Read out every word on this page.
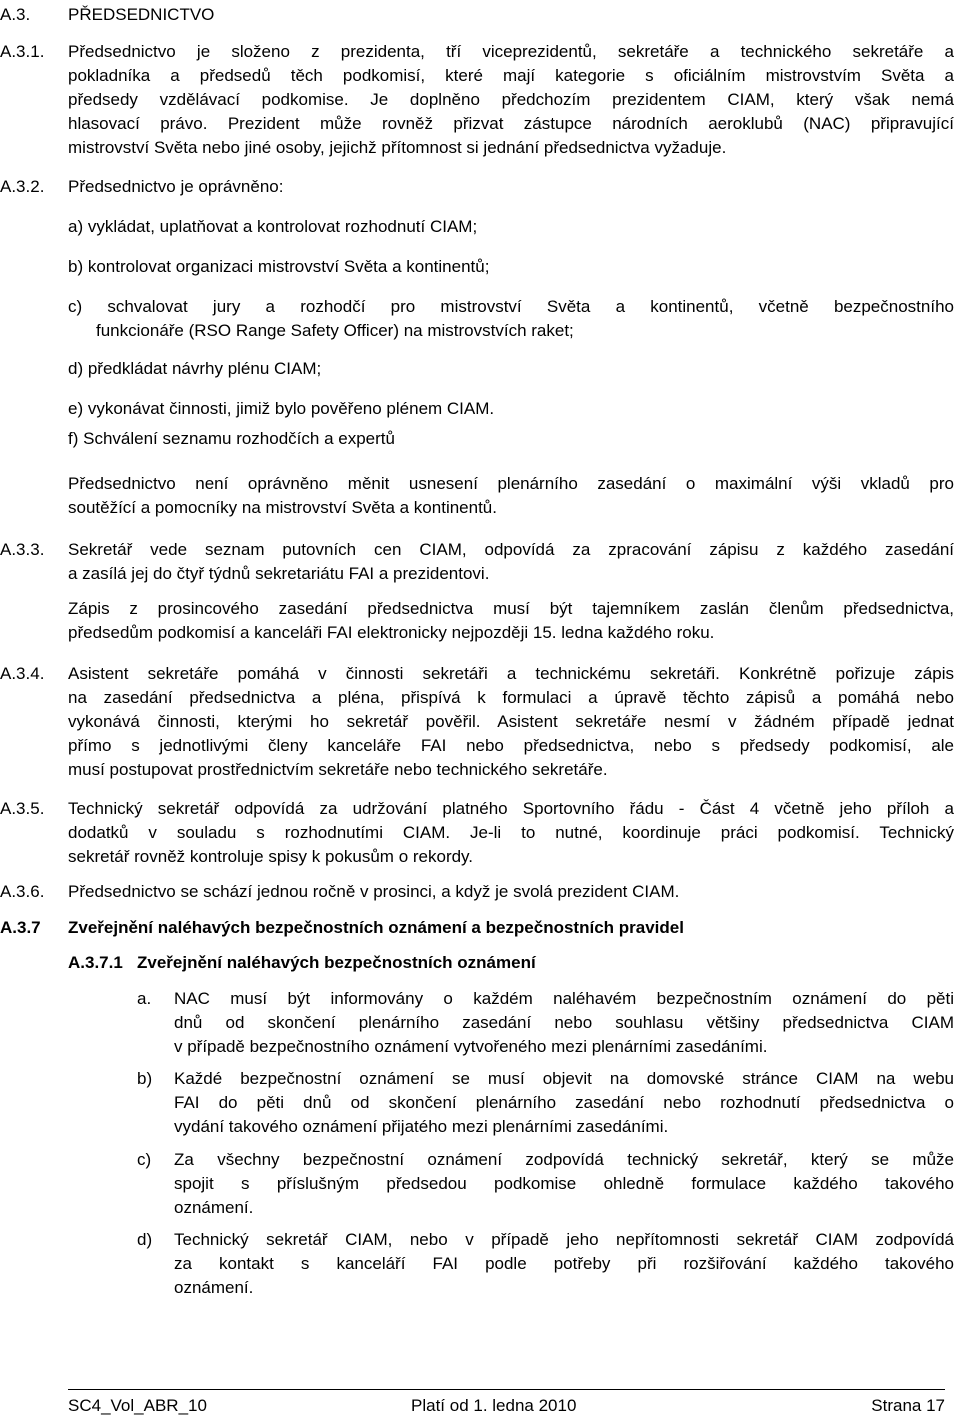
A.3. PŘEDSEDNICTVO
A.3.1. Předsednictvo je složeno z prezidenta, tří viceprezidentů, sekretáře a technického sekretáře a
pokladníka a předsedů těch podkomisí, které mají kategorie s oficiálním mistrovstvím Světa a
předsedy vzdělávací podkomise. Je doplněno předchozím prezidentem CIAM, který však nemá
hlasovací právo. Prezident může rovněž přizvat zástupce národních aeroklubů (NAC) připravující
mistrovství Světa nebo jiné osoby, jejichž přítomnost si jednání předsednictva vyžaduje.
A.3.2. Předsednictvo je oprávněno:
a) vykládat, uplatňovat a kontrolovat rozhodnutí CIAM;
b) kontrolovat organizaci mistrovství Světa a kontinentů;
c) schvalovat jury a rozhodčí pro mistrovství Světa a kontinentů, včetně bezpečnostního
funkcionáře (RSO Range Safety Officer) na mistrovstvích raket;
d) předkládat návrhy plénu CIAM;
e) vykonávat činnosti, jimiž bylo pověřeno plénem CIAM.
f) Schválení seznamu rozhodčích a expertů
Předsednictvo není oprávněno měnit usnesení plenárního zasedání o maximální výši vkladů pro
soutěžící a pomocníky na mistrovství Světa a kontinentů.
A.3.3. Sekretář vede seznam putovních cen CIAM, odpovídá za zpracování zápisu z každého zasedání
a zasílá jej do čtyř týdnů sekretariátu FAI a prezidentovi.
Zápis z prosincového zasedání předsednictva musí být tajemníkem zaslán členům předsednictva,
předsedům podkomisí a kanceláři FAI elektronicky nejpozději 15. ledna každého roku.
A.3.4. Asistent sekretáře pomáhá v činnosti sekretáři a technickému sekretáři. Konkrétně pořizuje zápis
na zasedání předsednictva a pléna, přispívá k formulaci a úpravě těchto zápisů a pomáhá nebo
vykonává činnosti, kterými ho sekretář pověřil. Asistent sekretáře nesmí v žádném případě jednat
přímo s jednotlivými členy kanceláře FAI nebo předsednictva, nebo s předsedy podkomisí, ale
musí postupovat prostřednictvím sekretáře nebo technického sekretáře.
A.3.5. Technický sekretář odpovídá za udržování platného Sportovního řádu - Část 4 včetně jeho příloh a
dodatků v souladu s rozhodnutími CIAM. Je-li to nutné, koordinuje práci podkomisí. Technický
sekretář rovněž kontroluje spisy k pokusům o rekordy.
A.3.6. Předsednictvo se schází jednou ročně v prosinci, a když je svolá prezident CIAM.
A.3.7 Zveřejnění naléhavých bezpečnostních oznámení a bezpečnostních pravidel
A.3.7.1 Zveřejnění naléhavých bezpečnostních oznámení
a. NAC musí být informovány o každém naléhavém bezpečnostním oznámení do pěti
dnů od skončení plenárního zasedání nebo souhlasu většiny předsednictva CIAM
v případě bezpečnostního oznámení vytvořeného mezi plenárními zasedáními.
b) Každé bezpečnostní oznámení se musí objevit na domovské stránce CIAM na webu
FAI do pěti dnů od skončení plenárního zasedání nebo rozhodnutí předsednictva o
vydání takového oznámení přijatého mezi plenárními zasedáními.
c) Za všechny bezpečnostní oznámení zodpovídá technický sekretář, který se může
spojit s příslušným předsedou podkomise ohledně formulace každého takového
oznámení.
d) Technický sekretář CIAM, nebo v případě jeho nepřítomnosti sekretář CIAM zodpovídá
za kontakt s kanceláří FAI podle potřeby při rozšiřování každého takového
oznámení.
SC4_Vol_ABR_10	Platí od 1. ledna 2010	Strana 17
